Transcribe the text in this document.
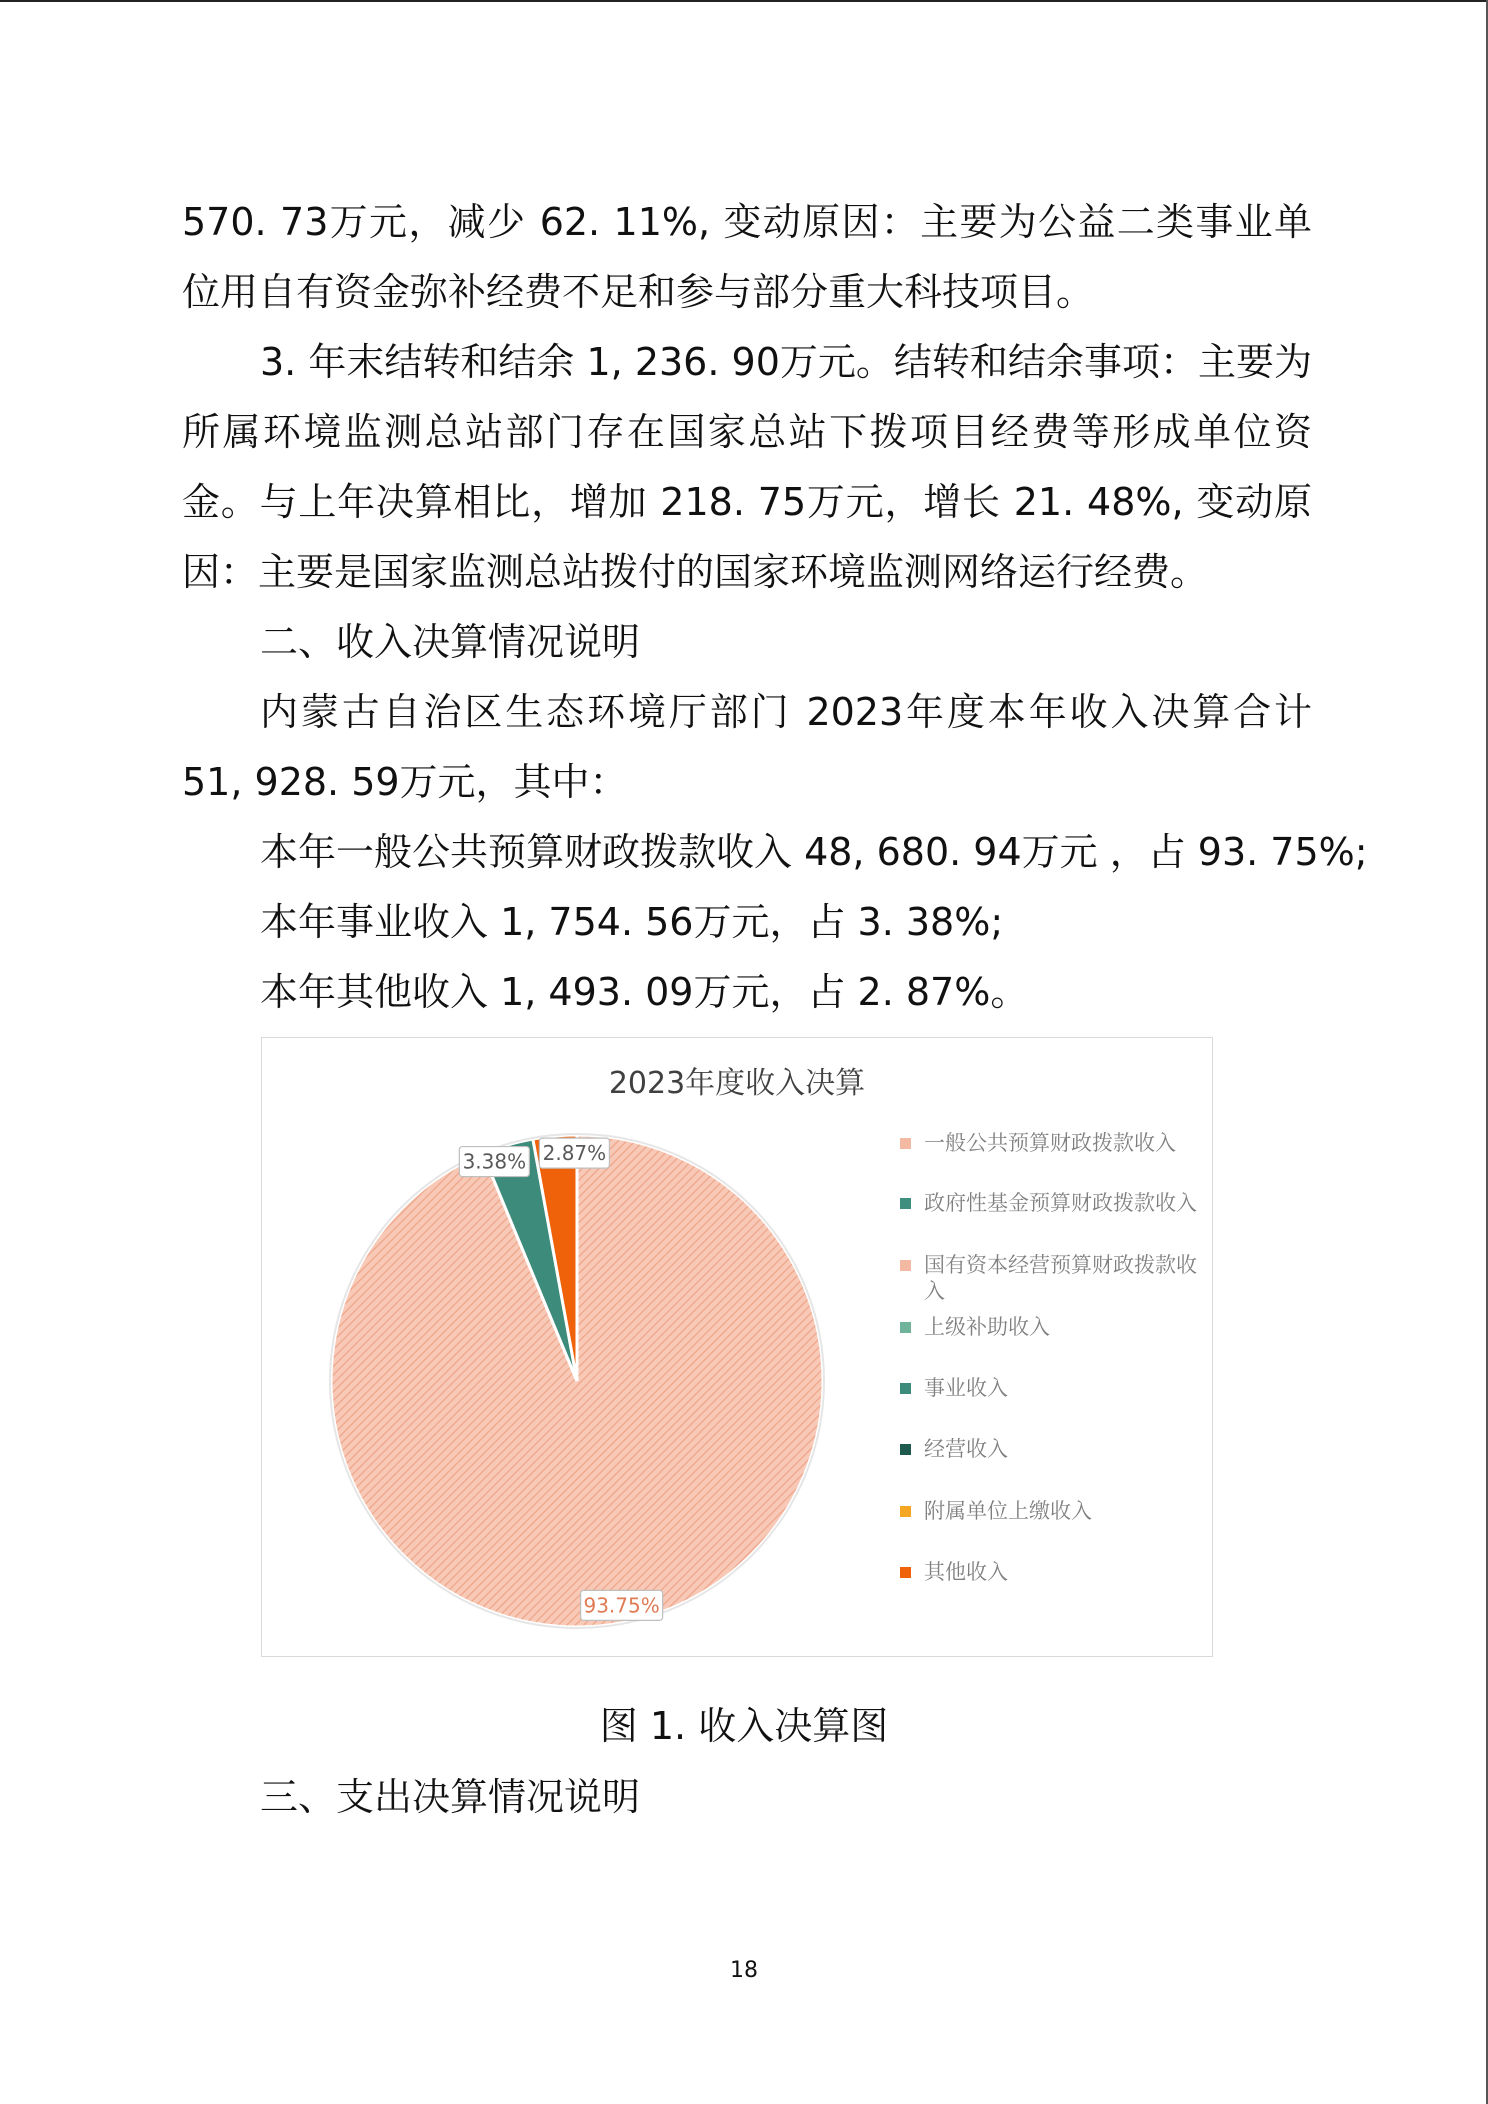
570. 73万元，减少 62. 11%, 变动原因：主要为公益二类事业单位用自有资金弥补经费不足和参与部分重大科技项目。

3. 年末结转和结余 1, 236. 90万元。结转和结余事项：主要为所属环境监测总站部门存在国家总站下拨项目经费等形成单位资金。与上年决算相比，增加 218. 75万元，增长 21. 48%, 变动原因：主要是国家监测总站拨付的国家环境监测网络运行经费。

二、收入决算情况说明

内蒙古自治区生态环境厅部门 2023年度本年收入决算合计 51, 928. 59万元，其中：

本年一般公共预算财政拨款收入 48, 680. 94万元 ，占 93. 75%;

本年事业收入 1, 754. 56万元，占 3. 38%;

本年其他收入 1, 493. 09万元，占 2. 87%。

2023年度收入决算
93.75%
3.38% 2.87%	一般公共预算财政拨款收入
政府性基金预算财政拨款收入
国有资本经营预算财政拨款收入
上级补助收入
事业收入
经营收入
附属单位上缴收入
其他收入

图 1. 收入决算图

三、支出决算情况说明

18
